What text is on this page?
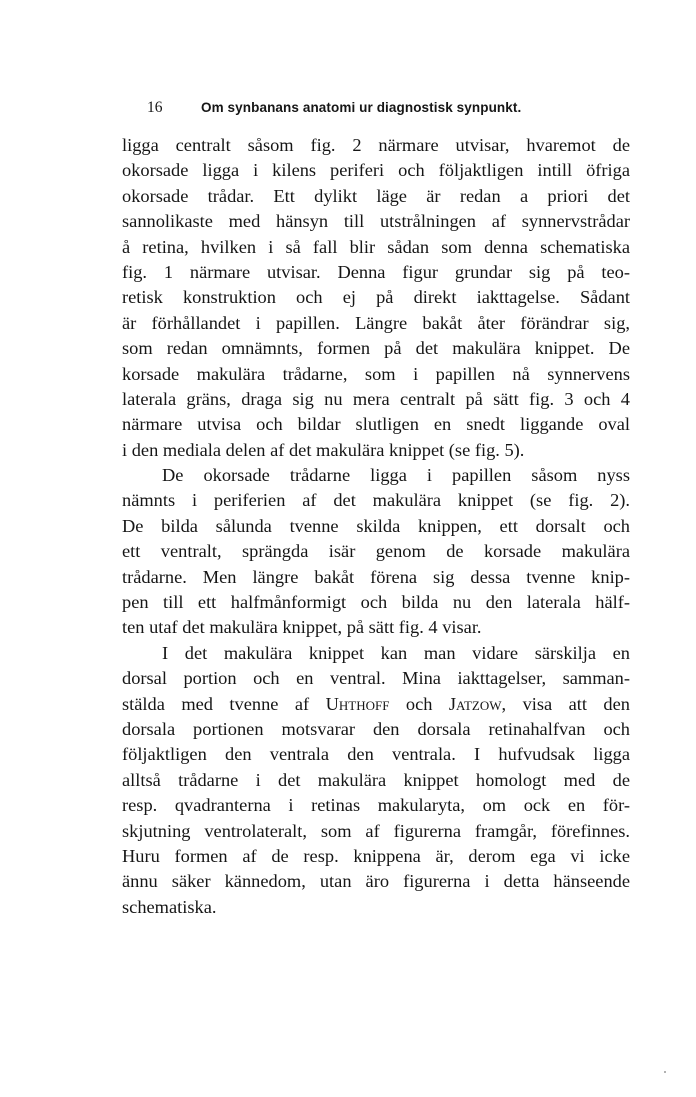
16	Om synbanans anatomi ur diagnostisk synpunkt.
ligga centralt såsom fig. 2 närmare utvisar, hvaremot de
okorsade ligga i kilens periferi och följaktligen intill öfriga
okorsade trådar. Ett dylikt läge är redan a priori det
sannolikaste med hänsyn till utstrålningen af synnervstrådar
å retina, hvilken i så fall blir sådan som denna schematiska
fig. 1 närmare utvisar. Denna figur grundar sig på teo-
retisk konstruktion och ej på direkt iakttagelse. Sådant
är förhållandet i papillen. Längre bakåt åter förändrar sig,
som redan omnämnts, formen på det makulära knippet. De
korsade makulära trådarne, som i papillen nå synnervens
laterala gräns, draga sig nu mera centralt på sätt fig. 3 och 4
närmare utvisa och bildar slutligen en snedt liggande oval
i den mediala delen af det makulära knippet (se fig. 5).
De okorsade trådarne ligga i papillen såsom nyss
nämnts i periferien af det makulära knippet (se fig. 2).
De bilda sålunda tvenne skilda knippen, ett dorsalt och
ett ventralt, sprängda isär genom de korsade makulära
trådarne. Men längre bakåt förena sig dessa tvenne knip-
pen till ett halfmånformigt och bilda nu den laterala hälf-
ten utaf det makulära knippet, på sätt fig. 4 visar.
I det makulära knippet kan man vidare särskilja en
dorsal portion och en ventral. Mina iakttagelser, samman-
stälda med tvenne af Uhthoff och Jatzow, visa att den
dorsala portionen motsvarar den dorsala retinahalfvan och
följaktligen den ventrala den ventrala. I hufvudsak ligga
alltså trådarne i det makulära knippet homologt med de
resp. qvadranterna i retinas makularyta, om ock en för-
skjutning ventrolateralt, som af figurerna framgår, förefinnes.
Huru formen af de resp. knippena är, derom ega vi icke
ännu säker kännedom, utan äro figurerna i detta hänseende
schematiska.
